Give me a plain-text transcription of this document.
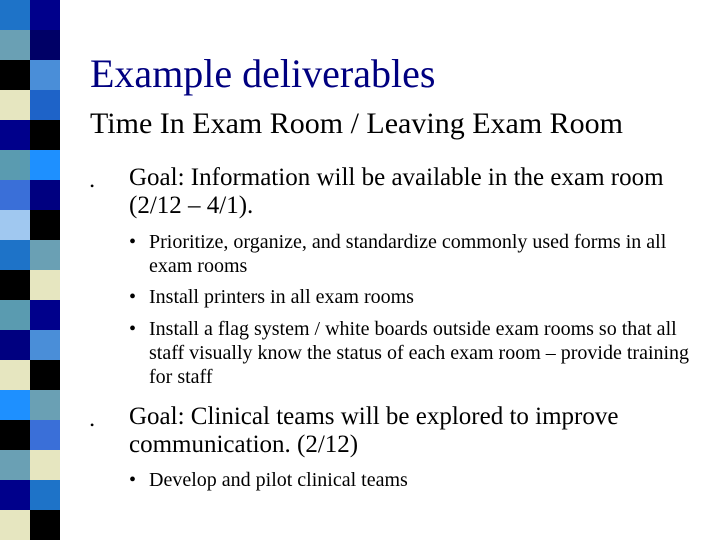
Example deliverables
Time In Exam Room / Leaving Exam Room
• Goal: Information will be available in the exam room (2/12 – 4/1).
• Prioritize, organize, and standardize commonly used forms in all exam rooms
• Install printers in all exam rooms
• Install a flag system / white boards outside exam rooms so that all staff visually know the status of each exam room – provide training for staff
• Goal: Clinical teams will be explored to improve communication. (2/12)
• Develop and pilot clinical teams
